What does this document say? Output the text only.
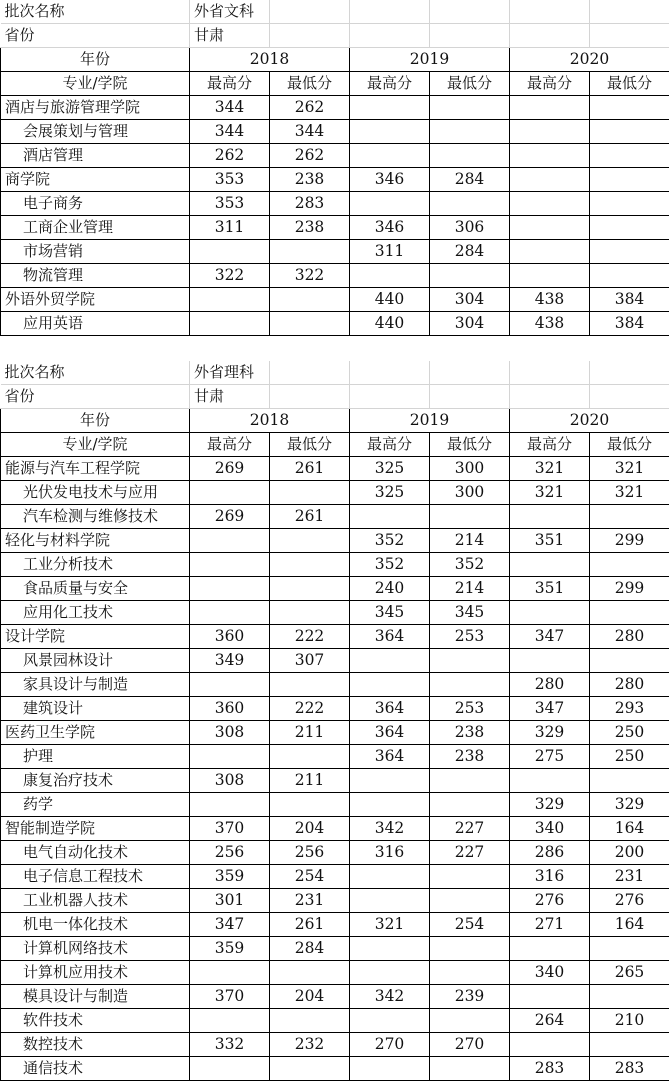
批次名称	外省文科					
省份	甘肃					
年份	2018		2019		2020	
专业/学院	最高分	最低分	最高分	最低分	最高分	最低分
酒店与旅游管理学院	344	262				
会展策划与管理	344	344				
酒店管理	262	262				
商学院	353	238	346	284		
电子商务	353	283				
工商企业管理	311	238	346	306		
市场营销			311	284		
物流管理	322	322				
外语外贸学院			440	304	438	384
应用英语			440	304	438	384
批次名称	外省理科					
省份	甘肃					
年份	2018		2019		2020	
专业/学院	最高分	最低分	最高分	最低分	最高分	最低分
能源与汽车工程学院	269	261	325	300	321	321
光伏发电技术与应用			325	300	321	321
汽车检测与维修技术	269	261				
轻化与材料学院			352	214	351	299
工业分析技术			352	352		
食品质量与安全			240	214	351	299
应用化工技术			345	345		
设计学院	360	222	364	253	347	280
风景园林设计	349	307				
家具设计与制造					280	280
建筑设计	360	222	364	253	347	293
医药卫生学院	308	211	364	238	329	250
护理			364	238	275	250
康复治疗技术	308	211				
药学					329	329
智能制造学院	370	204	342	227	340	164
电气自动化技术	256	256	316	227	286	200
电子信息工程技术	359	254			316	231
工业机器人技术	301	231			276	276
机电一体化技术	347	261	321	254	271	164
计算机网络技术	359	284				
计算机应用技术					340	265
模具设计与制造	370	204	342	239		
软件技术					264	210
数控技术	332	232	270	270		
通信技术					283	283
